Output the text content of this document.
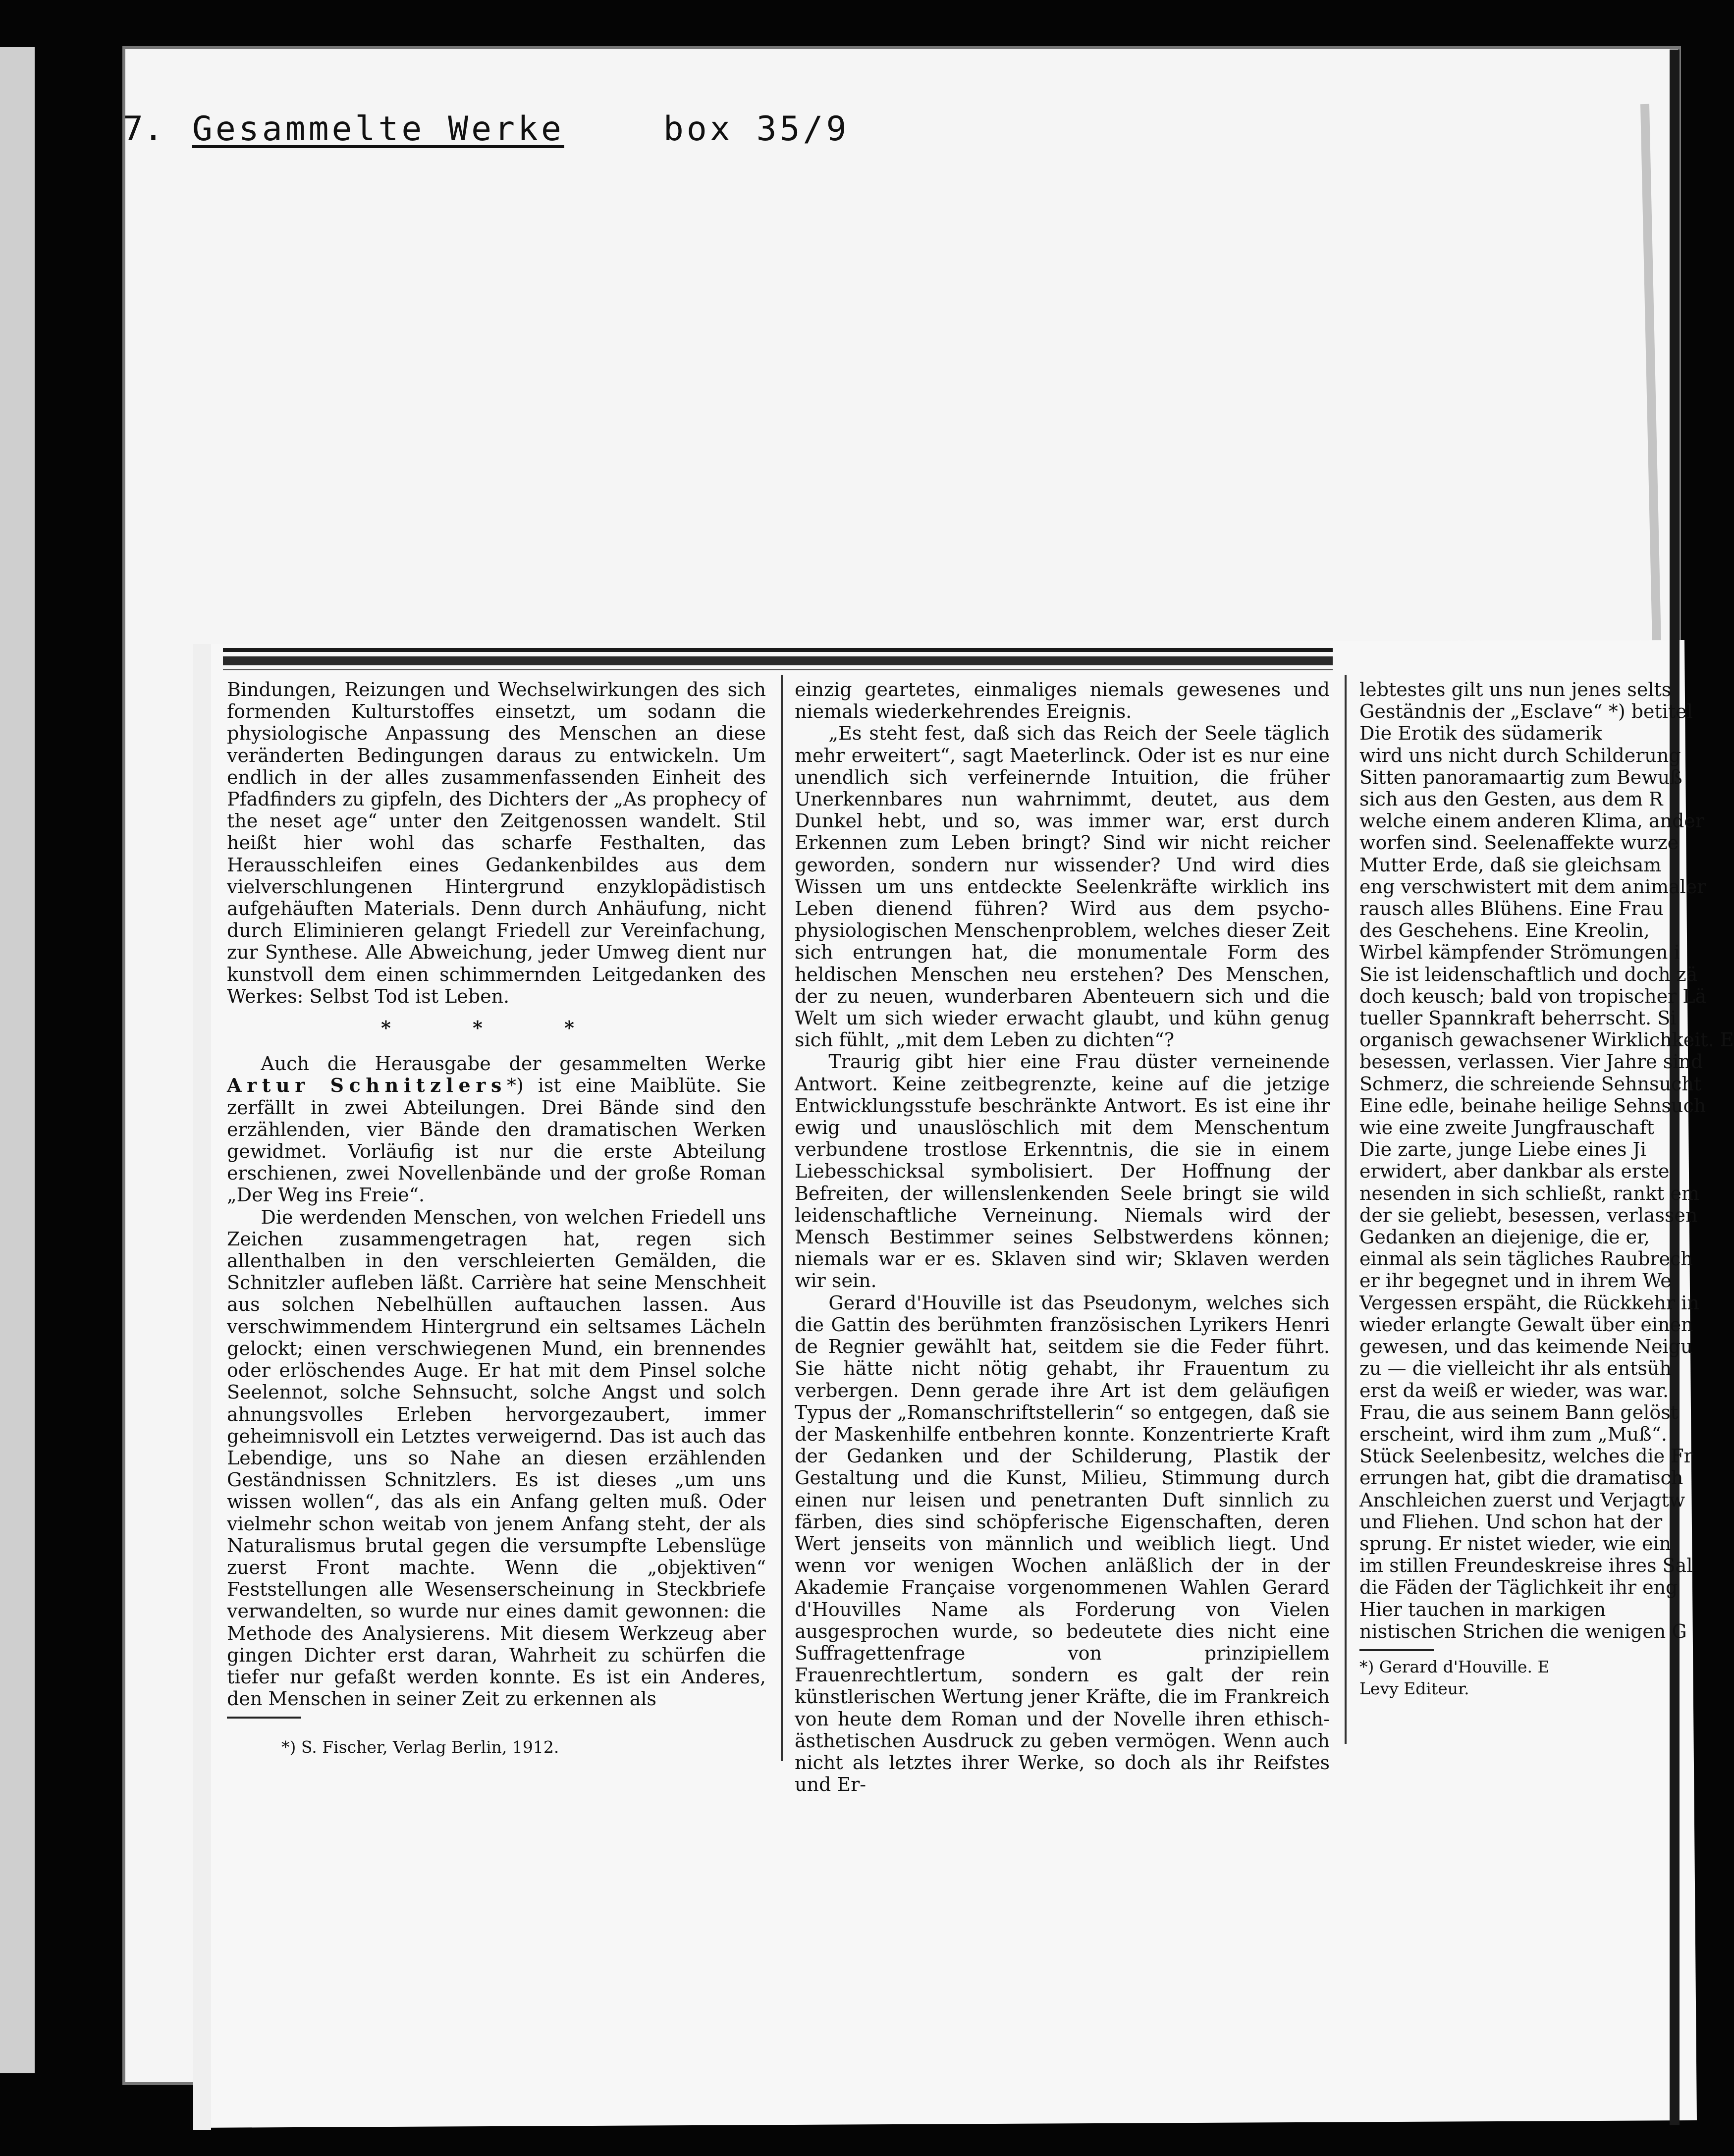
7. Gesammelte Werke	box 35/9

Bindungen, Reizungen und Wechselwirkungen des sich formenden Kulturstoffes einsetzt, um sodann die physiologische Anpassung des Menschen an diese veränderten Bedingungen daraus zu entwickeln. Um endlich in der alles zusammenfassenden Einheit des Pfadfinders zu gipfeln, des Dichters der „As prophecy of the neset age“ unter den Zeitgenossen wandelt. Stil heißt hier wohl das scharfe Festhalten, das Herausschleifen eines Gedankenbildes aus dem vielverschlungenen Hintergrund enzyklopädistisch aufgehäuften Materials. Denn durch Anhäufung, nicht durch Eliminieren gelangt Friedell zur Vereinfachung, zur Synthese. Alle Abweichung, jeder Umweg dient nur kunstvoll dem einen schimmernden Leitgedanken des Werkes: Selbst Tod ist Leben.

* * *

Auch die Herausgabe der gesammelten Werke Artur Schnitzlers*) ist eine Maiblüte. Sie zerfällt in zwei Abteilungen. Drei Bände sind den erzählenden, vier Bände den dramatischen Werken gewidmet. Vorläufig ist nur die erste Abteilung erschienen, zwei Novellenbände und der große Roman „Der Weg ins Freie“.

Die werdenden Menschen, von welchen Friedell uns Zeichen zusammengetragen hat, regen sich allenthalben in den verschleierten Gemälden, die Schnitzler aufleben läßt. Carrière hat seine Menschheit aus solchen Nebelhüllen auftauchen lassen. Aus verschwimmendem Hintergrund ein seltsames Lächeln gelockt; einen verschwiegenen Mund, ein brennendes oder erlöschendes Auge. Er hat mit dem Pinsel solche Seelennot, solche Sehnsucht, solche Angst und solch ahnungsvolles Erleben hervorgezaubert, immer geheimnisvoll ein Letztes verweigernd. Das ist auch das Lebendige, uns so Nahe an diesen erzählenden Geständnissen Schnitzlers. Es ist dieses „um uns wissen wollen“, das als ein Anfang gelten muß. Oder vielmehr schon weitab von jenem Anfang steht, der als Naturalismus brutal gegen die versumpfte Lebenslüge zuerst Front machte. Wenn die „objektiven“ Feststellungen alle Wesenserscheinung in Steckbriefe verwandelten, so wurde nur eines damit gewonnen: die Methode des Analysierens. Mit diesem Werkzeug aber gingen Dichter erst daran, Wahrheit zu schürfen die tiefer nur gefaßt werden konnte. Es ist ein Anderes, den Menschen in seiner Zeit zu erkennen als

*) S. Fischer, Verlag Berlin, 1912.

einzig geartetes, einmaliges niemals gewesenes und niemals wiederkehrendes Ereignis.

„Es steht fest, daß sich das Reich der Seele täglich mehr erweitert“, sagt Maeterlinck. Oder ist es nur eine unendlich sich verfeinernde Intuition, die früher Unerkennbares nun wahrnimmt, deutet, aus dem Dunkel hebt, und so, was immer war, erst durch Erkennen zum Leben bringt? Sind wir nicht reicher geworden, sondern nur wissender? Und wird dies Wissen um uns entdeckte Seelenkräfte wirklich ins Leben dienend führen? Wird aus dem psycho-physiologischen Menschenproblem, welches dieser Zeit sich entrungen hat, die monumentale Form des heldischen Menschen neu erstehen? Des Menschen, der zu neuen, wunderbaren Abenteuern sich und die Welt um sich wieder erwacht glaubt, und kühn genug sich fühlt, „mit dem Leben zu dichten“?

Traurig gibt hier eine Frau düster verneinende Antwort. Keine zeitbegrenzte, keine auf die jetzige Entwicklungsstufe beschränkte Antwort. Es ist eine ihr ewig und unauslöschlich mit dem Menschentum verbundene trostlose Erkenntnis, die sie in einem Liebesschicksal symbolisiert. Der Hoffnung der Befreiten, der willenslenkenden Seele bringt sie wild leidenschaftliche Verneinung. Niemals wird der Mensch Bestimmer seines Selbstwerdens können; niemals war er es. Sklaven sind wir; Sklaven werden wir sein.

Gerard d'Houville ist das Pseudonym, welches sich die Gattin des berühmten französischen Lyrikers Henri de Regnier gewählt hat, seitdem sie die Feder führt. Sie hätte nicht nötig gehabt, ihr Frauentum zu verbergen. Denn gerade ihre Art ist dem geläufigen Typus der „Romanschriftstellerin“ so entgegen, daß sie der Maskenhilfe entbehren konnte. Konzentrierte Kraft der Gedanken und der Schilderung, Plastik der Gestaltung und die Kunst, Milieu, Stimmung durch einen nur leisen und penetranten Duft sinnlich zu färben, dies sind schöpferische Eigenschaften, deren Wert jenseits von männlich und weiblich liegt. Und wenn vor wenigen Wochen anläßlich der in der Akademie Française vorgenommenen Wahlen Gerard d'Houvilles Name als Forderung von Vielen ausgesprochen wurde, so bedeutete dies nicht eine Suffragettenfrage von prinzipiellem Frauenrechtlertum, sondern es galt der rein künstlerischen Wertung jener Kräfte, die im Frankreich von heute dem Roman und der Novelle ihren ethisch-ästhetischen Ausdruck zu geben vermögen. Wenn auch nicht als letztes ihrer Werke, so doch als ihr Reifstes und Er-

lebtestes gilt uns nun jenes selts
Geständnis der „Esclave“ *) betitel
Die Erotik des südamerik
wird uns nicht durch Schilderung
Sitten panoramaartig zum Bewuß
sich aus den Gesten, aus dem R
welche einem anderen Klima, ander
worfen sind. Seelenaffekte wurze
Mutter Erde, daß sie gleichsam
eng verschwistert mit dem animaler
rausch alles Blühens. Eine Frau
des Geschehens. Eine Kreolin,
Wirbel kämpfender Strömungen i
Sie ist leidenschaftlich und doch zä
doch keusch; bald von tropischer Lä
tueller Spannkraft beherrscht. Si
organisch gewachsener Wirklichkeit. E
besessen, verlassen. Vier Jahre sind
Schmerz, die schreiende Sehnsucht
Eine edle, beinahe heilige Sehnsuch
wie eine zweite Jungfrauschaft
Die zarte, junge Liebe eines Ji
erwidert, aber dankbar als erste
nesenden in sich schließt, rankt em
der sie geliebt, besessen, verlassen
Gedanken an diejenige, die er,
einmal als sein tägliches Raubrech
er ihr begegnet und in ihrem We
Vergessen erspäht, die Rückkehr in
wieder erlangte Gewalt über einen
gewesen, und das keimende Neigu
zu — die vielleicht ihr als entsüh
erst da weiß er wieder, was war.
Frau, die aus seinem Bann gelöst
erscheint, wird ihm zum „Muß“.
Stück Seelenbesitz, welches die Fr
errungen hat, gibt die dramatisch
Anschleichen zuerst und Verjagtw
und Fliehen. Und schon hat der
sprung. Er nistet wieder, wie ein
im stillen Freundeskreise ihres Sal
die Fäden der Täglichkeit ihr eng
Hier tauchen in markigen
nistischen Strichen die wenigen G
*) Gerard d'Houville. E
Levy Editeur.
